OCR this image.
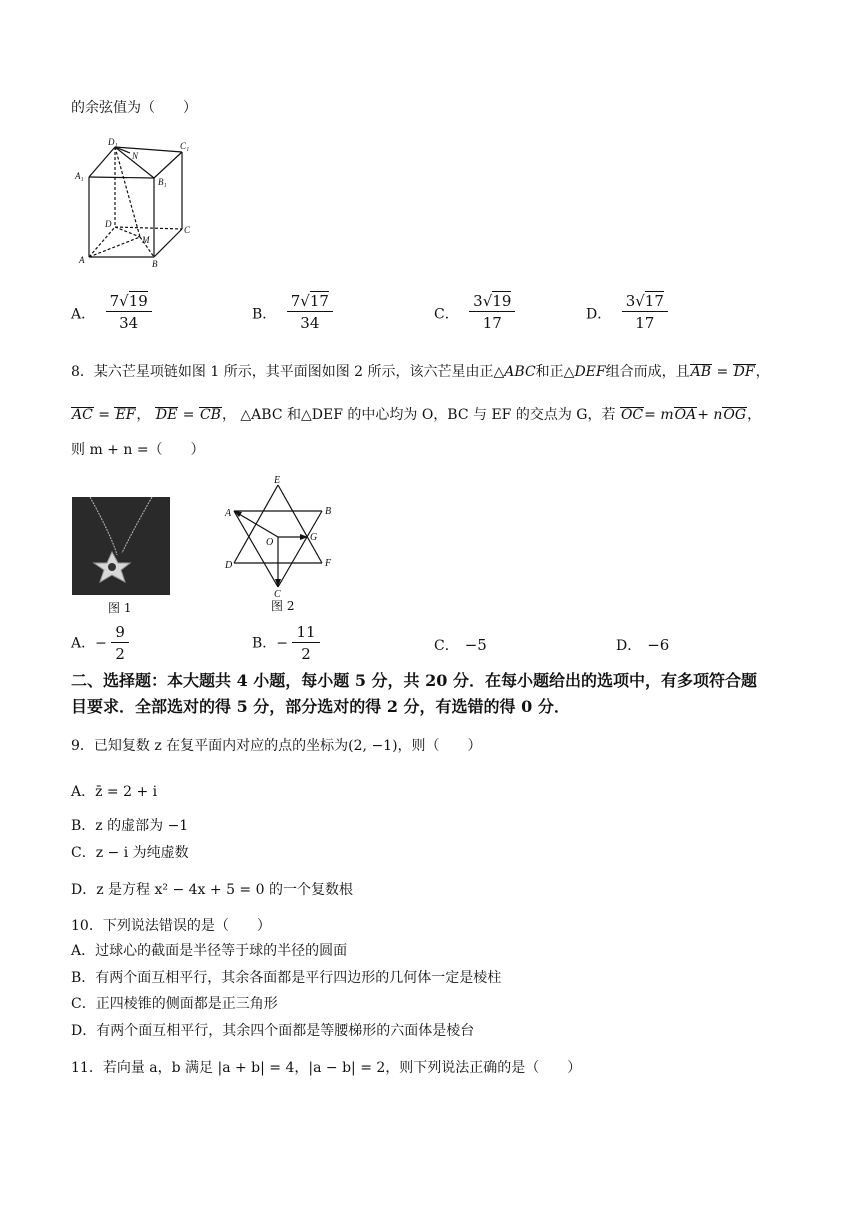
的余弦值为（　　）
D₁
N
C₁
A₁
B₁
D
C
M
A	B
A． $\frac{7√19}{34}$	B． $\frac{7√17}{34}$	C． $\frac{3√19}{17}$	D． $\frac{3√17}{17}$
8．某六芒星项链如图 1 所示，其平面图如图 2 所示，该六芒星由正△ABC和正△DEF组合而成，且AB = DF，
AC = EF， DE = CB， △ABC 和△DEF 的中心均为 O，BC 与 EF 的交点为 G，若 OC= mOA+ nOG，
则 m + n =（　　）
图 1
E
A	B
O	G
D	F
C
图 2
A．− $\frac{9}{2}$	B．− $\frac{11}{2}$	C． −5	D． −6
二、选择题：本大题共 4 小题，每小题 5 分，共 20 分．在每小题给出的选项中，有多项符合题
目要求．全部选对的得 5 分，部分选对的得 2 分，有选错的得 0 分．
9．已知复数 z 在复平面内对应的点的坐标为(2, −1)，则（　　）
A．z̄ = 2 + i
B．z 的虚部为 −1
C．z − i 为纯虚数
D．z 是方程 x² − 4x + 5 = 0 的一个复数根
10．下列说法错误的是（　　）
A．过球心的截面是半径等于球的半径的圆面
B．有两个面互相平行，其余各面都是平行四边形的几何体一定是棱柱
C．正四棱锥的侧面都是正三角形
D．有两个面互相平行，其余四个面都是等腰梯形的六面体是棱台
11．若向量 a，b 满足 |a + b| = 4，|a − b| = 2，则下列说法正确的是（　　）
